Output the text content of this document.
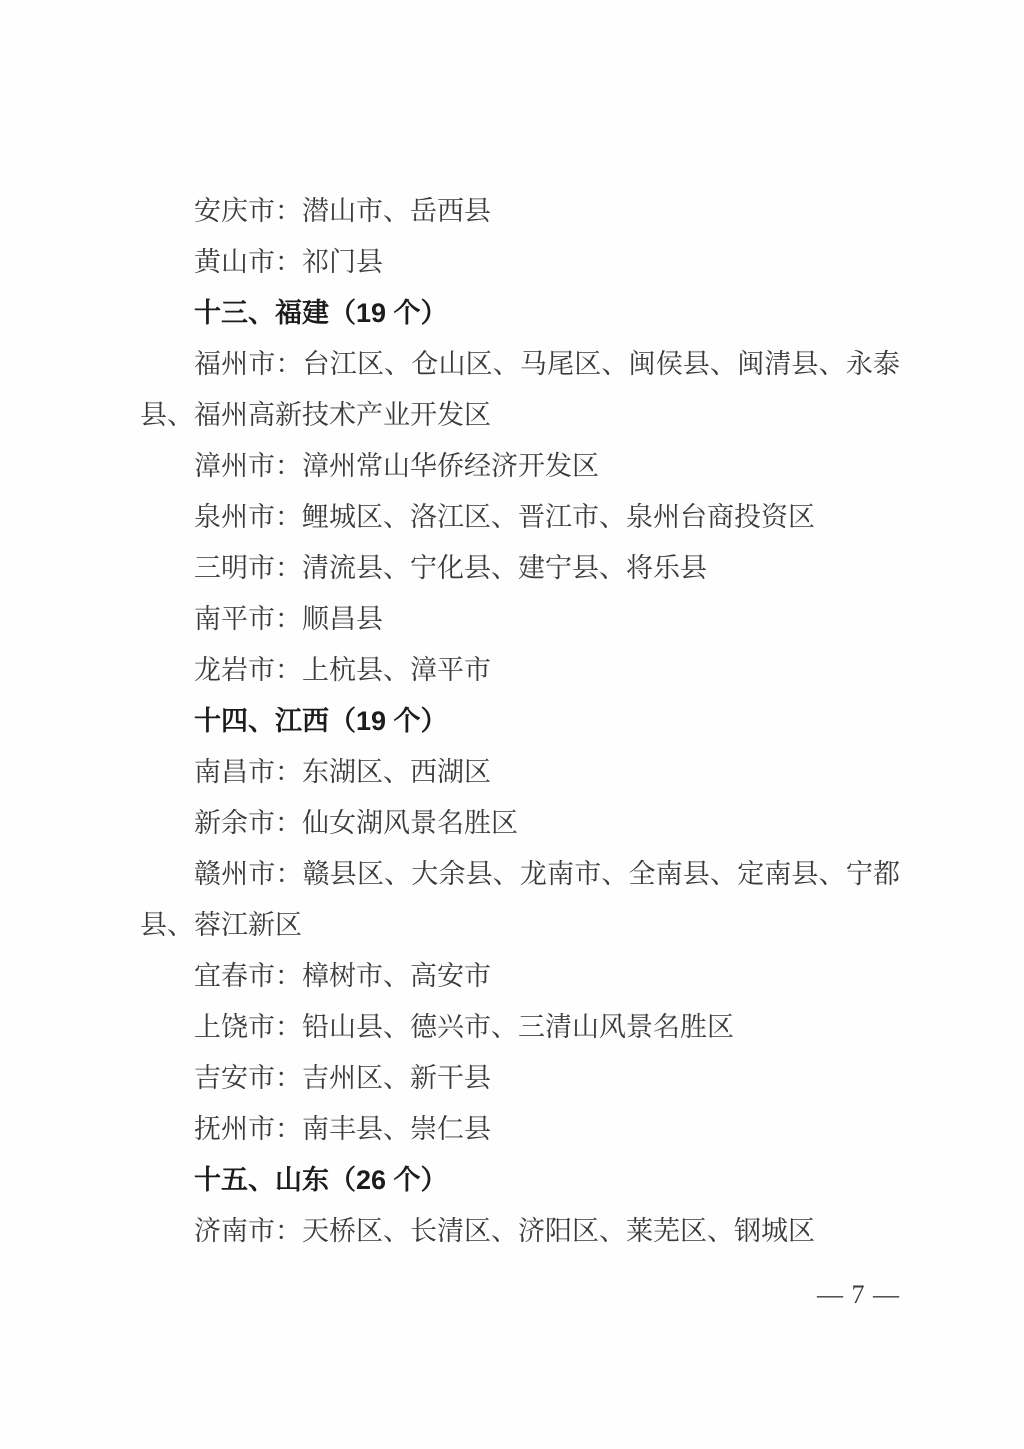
安庆市：潜山市、岳西县

黄山市：祁门县

十三、福建（19 个）

福州市：台江区、仓山区、马尾区、闽侯县、闽清县、永泰县、福州高新技术产业开发区

漳州市：漳州常山华侨经济开发区

泉州市：鲤城区、洛江区、晋江市、泉州台商投资区

三明市：清流县、宁化县、建宁县、将乐县

南平市：顺昌县

龙岩市：上杭县、漳平市

十四、江西（19 个）

南昌市：东湖区、西湖区

新余市：仙女湖风景名胜区

赣州市：赣县区、大余县、龙南市、全南县、定南县、宁都县、蓉江新区

宜春市：樟树市、高安市

上饶市：铅山县、德兴市、三清山风景名胜区

吉安市：吉州区、新干县

抚州市：南丰县、崇仁县

十五、山东（26 个）

济南市：天桥区、长清区、济阳区、莱芜区、钢城区

— 7 —
